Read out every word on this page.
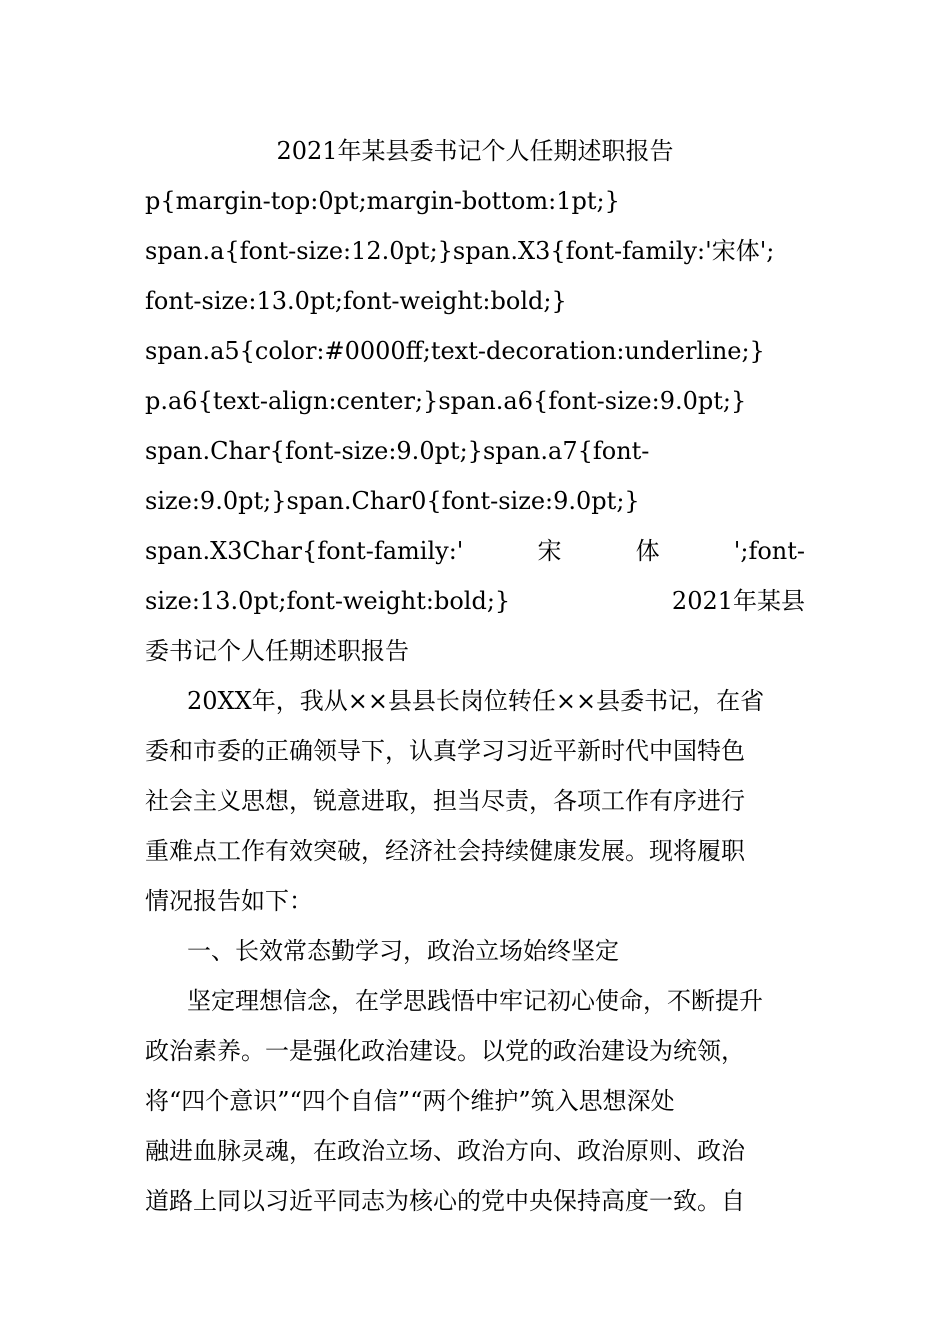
2021年某县委书记个人任期述职报告

p{margin-top:0pt;margin-bottom:1pt;}
span.a{font-size:12.0pt;}span.X3{font-family:'宋体';
font-size:13.0pt;font-weight:bold;}
span.a5{color:#0000ff;text-decoration:underline;}
p.a6{text-align:center;}span.a6{font-size:9.0pt;}
span.Char{font-size:9.0pt;}span.a7{font-
size:9.0pt;}span.Char0{font-size:9.0pt;}
span.X3Char{font-family:'	宋	体	';font-
size:13.0pt;font-weight:bold;}	2021年某县
委书记个人任期述职报告
20XX年，我从××县县长岗位转任××县委书记，在省
委和市委的正确领导下，认真学习习近平新时代中国特色
社会主义思想，锐意进取，担当尽责，各项工作有序进行
重难点工作有效突破，经济社会持续健康发展。现将履职
情况报告如下：
一、长效常态勤学习，政治立场始终坚定
坚定理想信念，在学思践悟中牢记初心使命，不断提升
政治素养。一是强化政治建设。以党的政治建设为统领，
将“四个意识”“四个自信”“两个维护”筑入思想深处
融进血脉灵魂，在政治立场、政治方向、政治原则、政治
道路上同以习近平同志为核心的党中央保持高度一致。自
